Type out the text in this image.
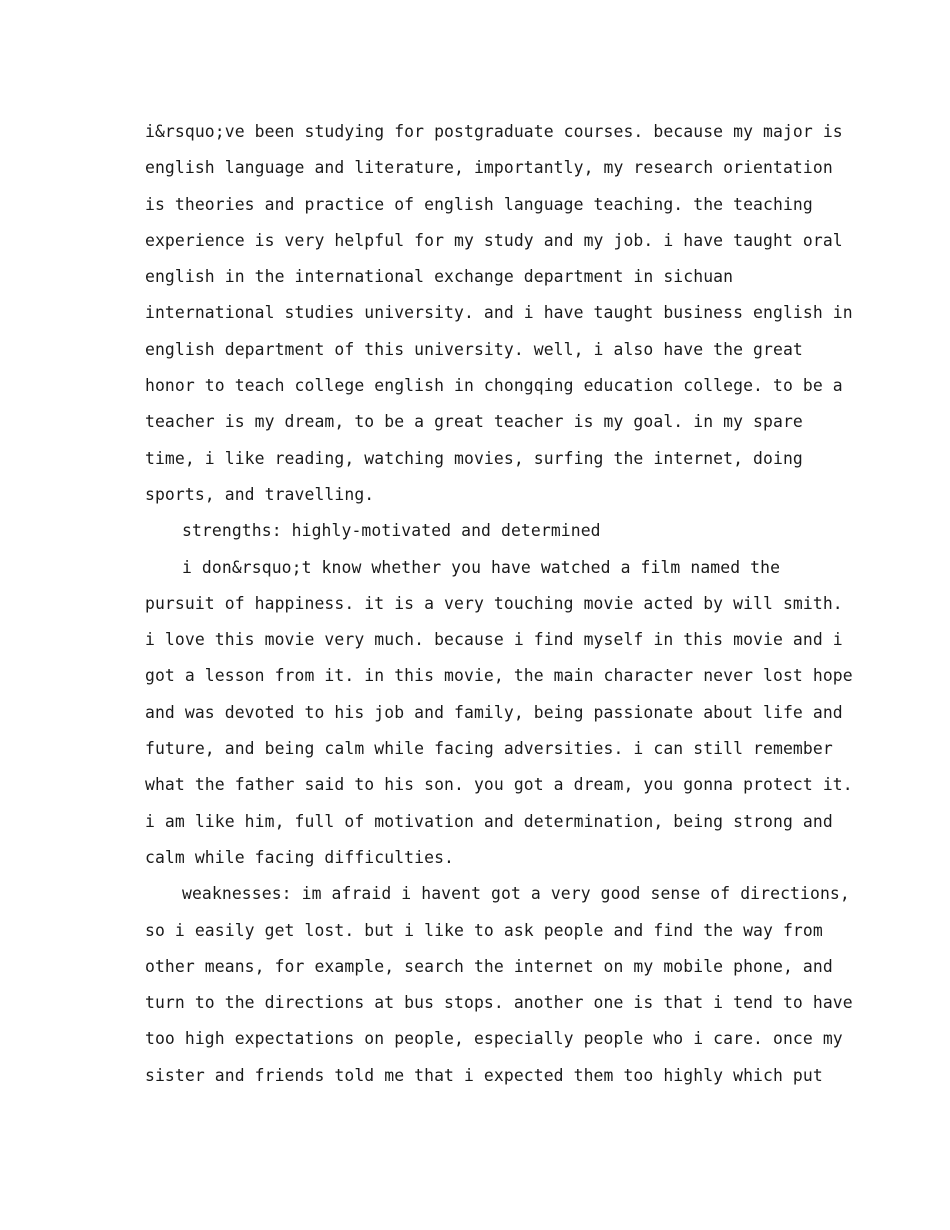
i&rsquo;ve been studying for postgraduate courses. because my major is
english language and literature, importantly, my research orientation
is theories and practice of english language teaching. the teaching
experience is very helpful for my study and my job. i have taught oral
english in the international exchange department in sichuan
international studies university. and i have taught business english in
english department of this university. well, i also have the great
honor to teach college english in chongqing education college. to be a
teacher is my dream, to be a great teacher is my goal. in my spare
time, i like reading, watching movies, surfing the internet, doing
sports, and travelling.
strengths: highly-motivated and determined
i don&rsquo;t know whether you have watched a film named the
pursuit of happiness. it is a very touching movie acted by will smith.
i love this movie very much. because i find myself in this movie and i
got a lesson from it. in this movie, the main character never lost hope
and was devoted to his job and family, being passionate about life and
future, and being calm while facing adversities. i can still remember
what the father said to his son. you got a dream, you gonna protect it.
i am like him, full of motivation and determination, being strong and
calm while facing difficulties.
weaknesses: im afraid i havent got a very good sense of directions,
so i easily get lost. but i like to ask people and find the way from
other means, for example, search the internet on my mobile phone, and
turn to the directions at bus stops. another one is that i tend to have
too high expectations on people, especially people who i care. once my
sister and friends told me that i expected them too highly which put
